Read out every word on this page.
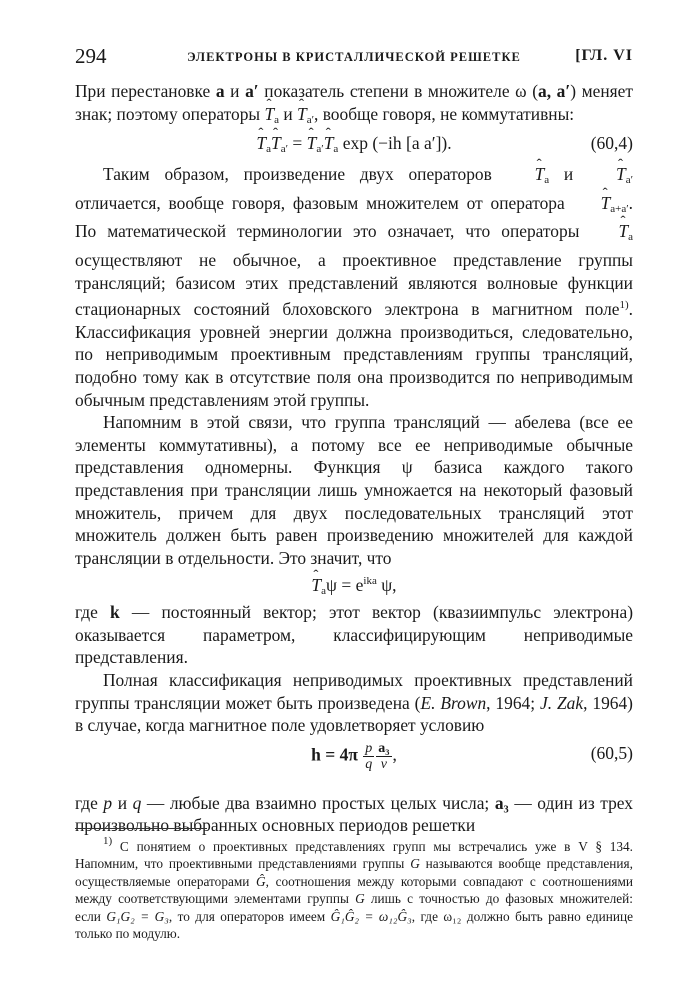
294	ЭЛЕКТРОНЫ В КРИСТАЛЛИЧЕСКОЙ РЕШЕТКЕ	[ГЛ. VI

При перестановке a и a′ показатель степени в множителе ω (a, a′) меняет знак; поэтому операторы ˆ $T_a$ и ˆ $T_{a'}$, вообще говоря, не коммутативны:

ˆ $T_aˆ$ $T_{a'}$ = ˆ $T_{a'}ˆ$ $T_a$ exp (−ih [a a′]).	(60,4)

Таким образом, произведение двух операторов ˆ $T_a$ и ˆ $T_{a'}$ отличается, вообще говоря, фазовым множителем от оператора ˆ $T_{a+a'}$. По математической терминологии это означает, что операторы ˆ $T_a$ осуществляют не обычное, а проективное представление группы трансляций; базисом этих представлений являются волновые функции стационарных состояний блоховского электрона в магнитном поле$^{1)}$. Классификация уровней энергии должна производиться, следовательно, по неприводимым проективным представлениям группы трансляций, подобно тому как в отсутствие поля она производится по неприводимым обычным представлениям этой группы.

Напомним в этой связи, что группа трансляций — абелева (все ее элементы коммутативны), а потому все ее неприводимые обычные представления одномерны. Функция ψ базиса каждого такого представления при трансляции лишь умножается на некоторый фазовый множитель, причем для двух последовательных трансляций этот множитель должен быть равен произведению множителей для каждой трансляции в отдельности. Это значит, что

ˆ $T_a\psi = e^{ika}$ ψ,

где k — постоянный вектор; этот вектор (квазиимпульс электрона) оказывается параметром, классифицирующим неприводимые представления.

Полная классификация неприводимых проективных представлений группы трансляции может быть произведена (E. Brown, 1964; J. Zak, 1964) в случае, когда магнитное поле удовлетворяет условию

$h = 4\pi \frac{p}{q} \frac{\text{a₃}}{v}$ ,	(60,5)

где p и q — любые два взаимно простых целых числа; a₃ — один из трех произвольно выбранных основных периодов решетки

$^{1)}$ С понятием о проективных представлениях групп мы встречались уже в V § 134. Напомним, что проективными представлениями группы G называются вообще представления, осуществляемые операторами Ĝ, соотношения между которыми совпадают с соотношениями между соответствующими элементами группы G лишь с точностью до фазовых множителей: если G₁G₂ = G₃, то для операторов имеем Ĝ₁Ĝ₂ = ω₁₂Ĝ₃, где ω₁₂ должно быть равно единице только по модулю.
